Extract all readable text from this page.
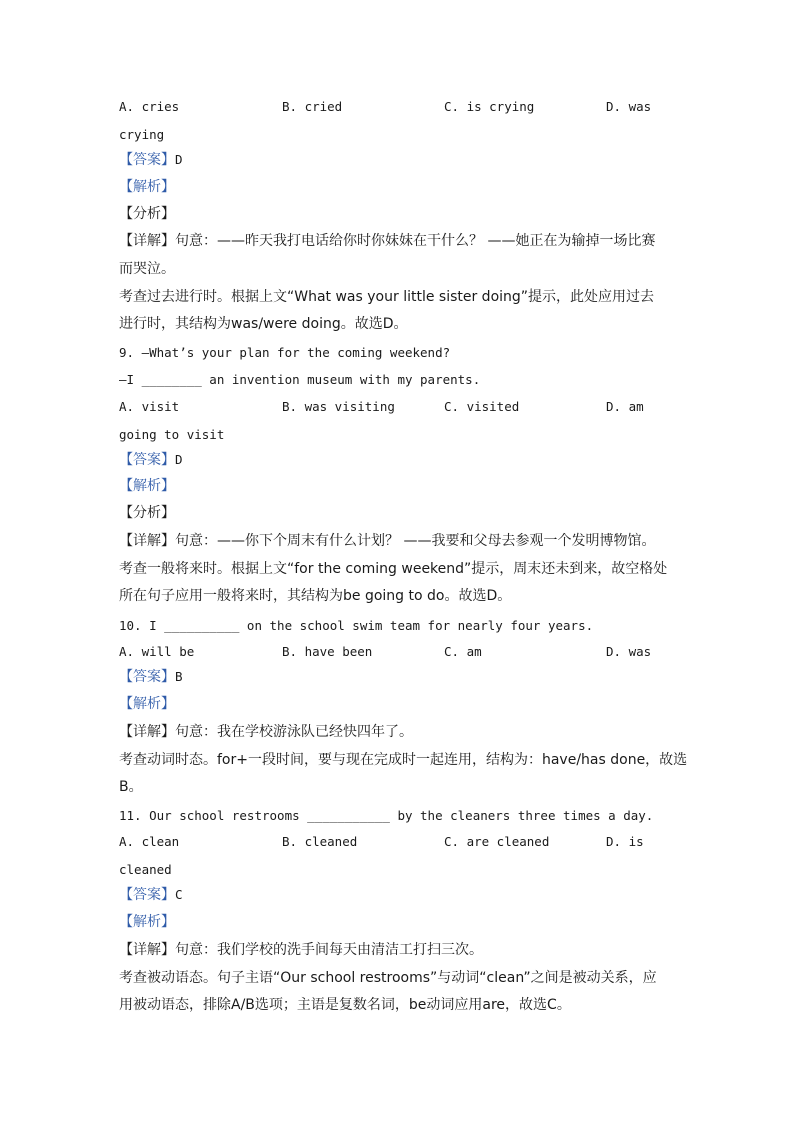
A. cries	B. cried	C. is crying	D. was
crying
【答案】D
【解析】
【分析】
【详解】句意：——昨天我打电话给你时你妹妹在干什么？ ——她正在为输掉一场比赛
而哭泣。
考查过去进行时。根据上文“What was your little sister doing”提示，此处应用过去
进行时，其结构为was/were doing。故选D。
9. —What’s your plan for the coming weekend?
—I ________ an invention museum with my parents.
A. visit	B. was visiting	C. visited	D. am
going to visit
【答案】D
【解析】
【分析】
【详解】句意：——你下个周末有什么计划？ ——我要和父母去参观一个发明博物馆。
考查一般将来时。根据上文“for the coming weekend”提示，周末还未到来，故空格处
所在句子应用一般将来时，其结构为be going to do。故选D。
10. I __________ on the school swim team for nearly four years.
A. will be	B. have been	C. am	D. was
【答案】B
【解析】
【详解】句意：我在学校游泳队已经快四年了。
考查动词时态。for+一段时间，要与现在完成时一起连用，结构为：have/has done，故选
B。
11. Our school restrooms ___________ by the cleaners three times a day.
A. clean	B. cleaned	C. are cleaned	D. is
cleaned
【答案】C
【解析】
【详解】句意：我们学校的洗手间每天由清洁工打扫三次。
考查被动语态。句子主语“Our school restrooms”与动词“clean”之间是被动关系，应
用被动语态，排除A/B选项；主语是复数名词，be动词应用are，故选C。
